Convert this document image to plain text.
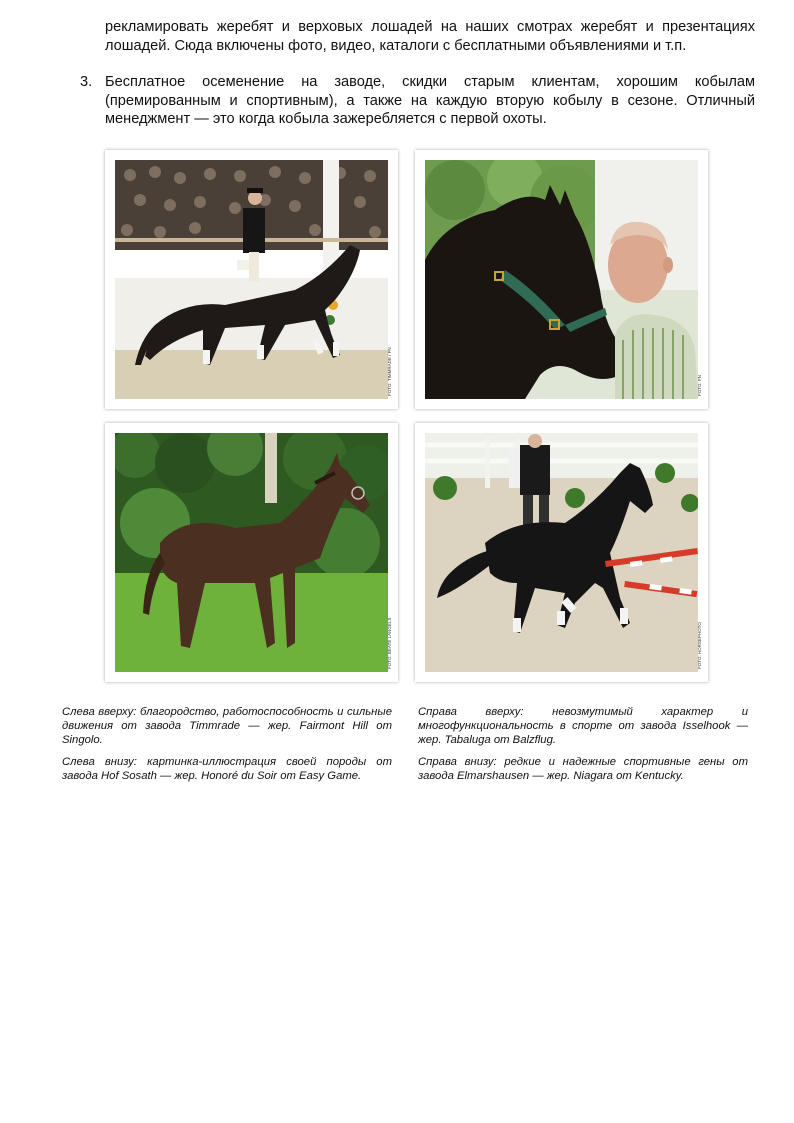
рекламировать жеребят и верховых лошадей на наших смотрах жеребят и презентациях лошадей. Сюда включены фото, видео, каталоги с бесплатными объявлениями и т.п.

3. Бесплатное осеменение на заводе, скидки старым клиентам, хорошим кобылам (премированным и спортивным), а также на каждую вторую кобылу в сезоне. Отличный менеджмент — это когда кобыла зажеребляется с первой охоты.

FOTO: TIMMRADE / FN	FOTO: FN
FOTO: BEATE LANGELS	FOTO: HORSEPHOTO

Слева вверху: благородство, работоспособность и сильные движения от завода Timmrade — жер. Fairmont Hill от Singolo.

Слева внизу: картинка-иллюстрация своей породы от завода Hof Sosath — жер. Honoré du Soir от Easy Game.

Справа вверху: невозмутимый характер и многофункциональность в спорте от завода Isselhook — жер. Tabaluga от Balzflug.

Справа внизу: редкие и надежные спортивные гены от завода Elmarshausen — жер. Niagara от Kentucky.
